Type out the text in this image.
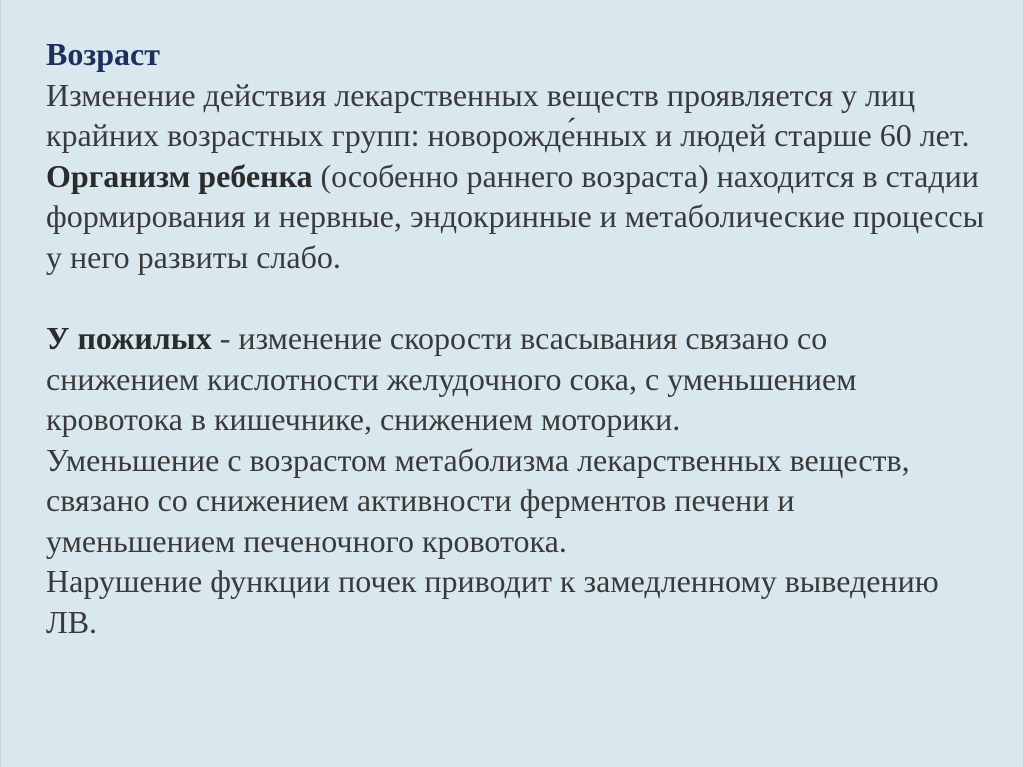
Возраст

Изменение действия лекарственных веществ проявляется у лиц крайних возрастных групп: новорожде́нных и людей старше 60 лет.

Организм ребенка (особенно раннего возраста) находится в стадии формирования и нервные, эндокринные и метаболические процессы у него развиты слабо.

У пожилых - изменение скорости всасывания связано со снижением кислотности желудочного сока, с уменьшением кровотока в кишечнике, снижением моторики.

Уменьшение с возрастом метаболизма лекарственных веществ, связано со снижением активности ферментов печени и уменьшением печеночного кровотока.

Нарушение функции почек приводит к замедленному выведению ЛВ.
